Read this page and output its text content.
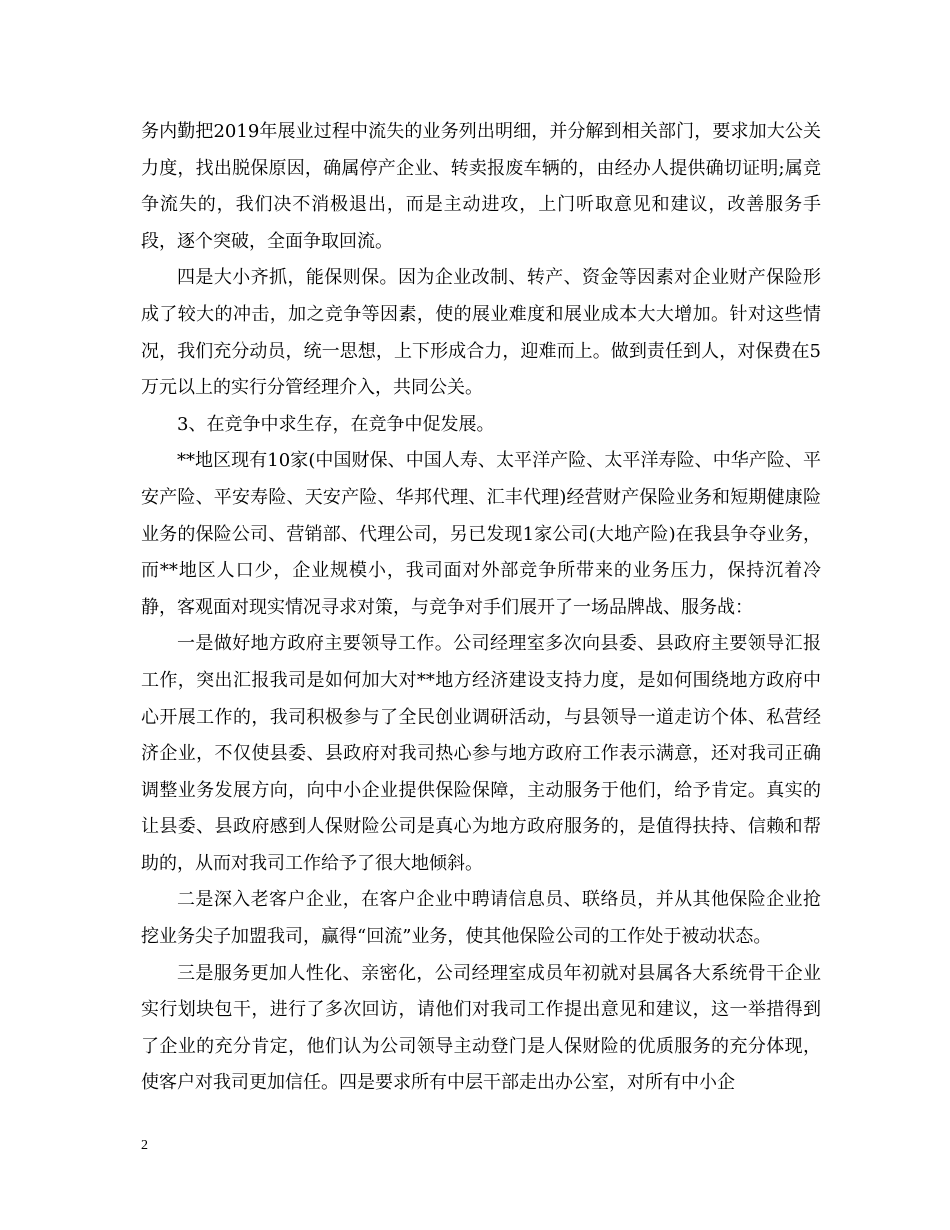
务内勤把2019年展业过程中流失的业务列出明细，并分解到相关部门，要求加大公关力度，找出脱保原因，确属停产企业、转卖报废车辆的，由经办人提供确切证明;属竞争流失的，我们决不消极退出，而是主动进攻，上门听取意见和建议，改善服务手段，逐个突破，全面争取回流。

四是大小齐抓，能保则保。因为企业改制、转产、资金等因素对企业财产保险形成了较大的冲击，加之竞争等因素，使的展业难度和展业成本大大增加。针对这些情况，我们充分动员，统一思想，上下形成合力，迎难而上。做到责任到人，对保费在5万元以上的实行分管经理介入，共同公关。

3、在竞争中求生存，在竞争中促发展。

**地区现有10家(中国财保、中国人寿、太平洋产险、太平洋寿险、中华产险、平安产险、平安寿险、天安产险、华邦代理、汇丰代理)经营财产保险业务和短期健康险业务的保险公司、营销部、代理公司，另已发现1家公司(大地产险)在我县争夺业务，而**地区人口少，企业规模小，我司面对外部竞争所带来的业务压力，保持沉着冷静，客观面对现实情况寻求对策，与竞争对手们展开了一场品牌战、服务战：

一是做好地方政府主要领导工作。公司经理室多次向县委、县政府主要领导汇报工作，突出汇报我司是如何加大对**地方经济建设支持力度，是如何围绕地方政府中心开展工作的，我司积极参与了全民创业调研活动，与县领导一道走访个体、私营经济企业，不仅使县委、县政府对我司热心参与地方政府工作表示满意，还对我司正确调整业务发展方向，向中小企业提供保险保障，主动服务于他们，给予肯定。真实的让县委、县政府感到人保财险公司是真心为地方政府服务的，是值得扶持、信赖和帮助的，从而对我司工作给予了很大地倾斜。

二是深入老客户企业，在客户企业中聘请信息员、联络员，并从其他保险企业抢挖业务尖子加盟我司，赢得“回流”业务，使其他保险公司的工作处于被动状态。

三是服务更加人性化、亲密化，公司经理室成员年初就对县属各大系统骨干企业实行划块包干，进行了多次回访，请他们对我司工作提出意见和建议，这一举措得到了企业的充分肯定，他们认为公司领导主动登门是人保财险的优质服务的充分体现，使客户对我司更加信任。四是要求所有中层干部走出办公室，对所有中小企

2
